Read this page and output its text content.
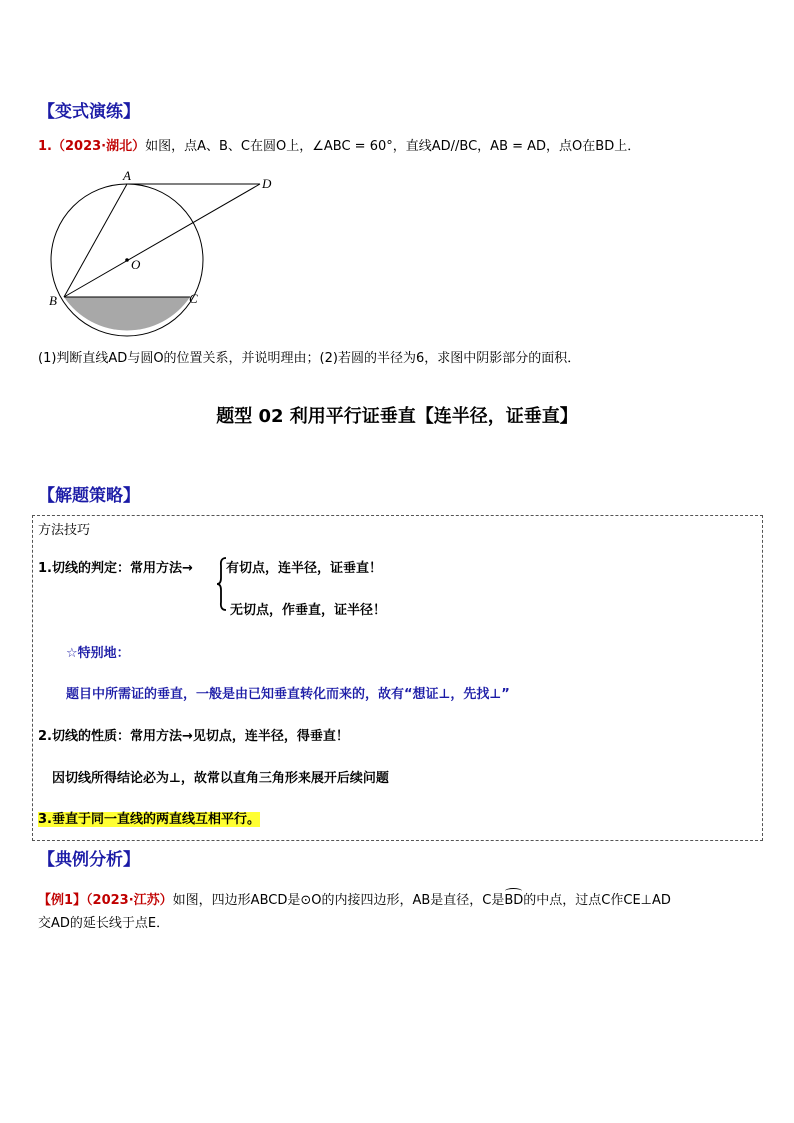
【变式演练】
1.（2023·湖北）如图，点A、B、C在圆O上，∠ABC = 60°，直线AD//BC，AB = AD，点O在BD上．
A
B	C
D
O
(1)判断直线AD与圆O的位置关系，并说明理由；(2)若圆的半径为6，求图中阴影部分的面积．
题型 02 利用平行证垂直【连半径，证垂直】
【解题策略】
方法技巧
1.切线的判定：常用方法→	有切点，连半径，证垂直！
无切点，作垂直，证半径！
☆特别地：
题目中所需证的垂直，一般是由已知垂直转化而来的，故有“想证⊥，先找⊥”
2.切线的性质：常用方法→见切点，连半径，得垂直！
因切线所得结论必为⊥，故常以直角三角形来展开后续问题
3.垂直于同一直线的两直线互相平行。
【典例分析】
【例1】（2023·江苏）如图，四边形ABCD是⊙O的内接四边形，AB是直径，C是BD的中点，过点C作CE⊥AD
交AD的延长线于点E．
